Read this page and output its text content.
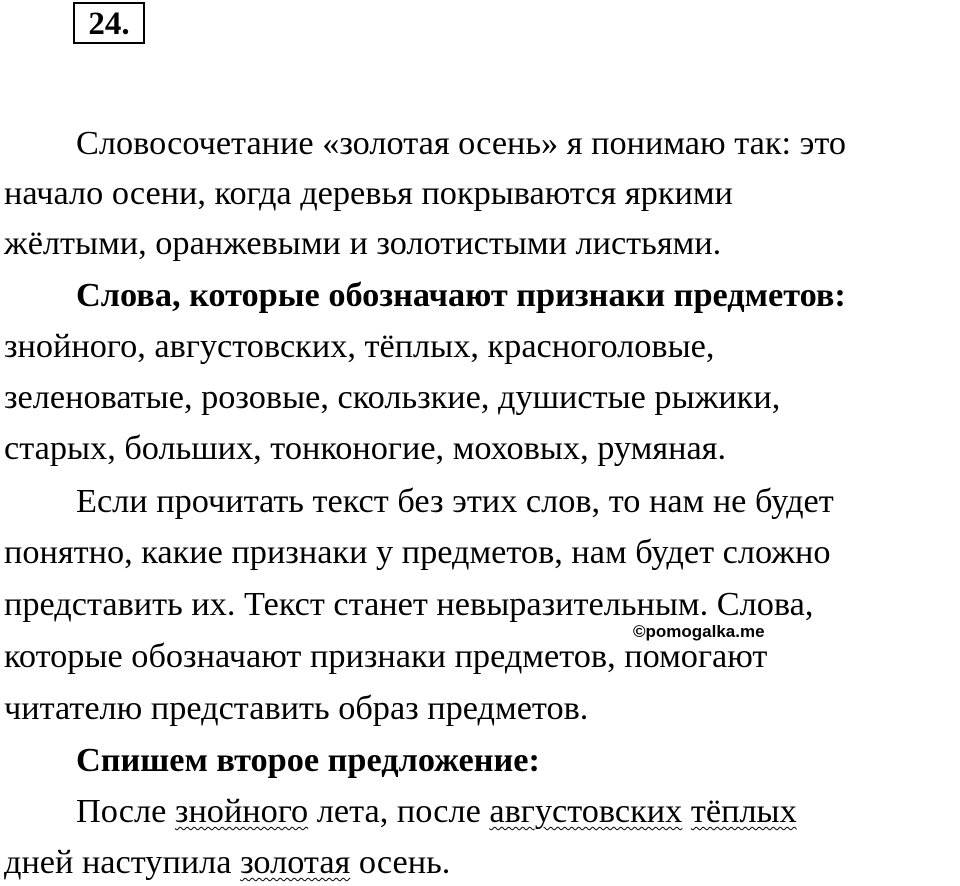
24.
Словосочетание «золотая осень» я понимаю так: это
начало осени, когда деревья покрываются яркими
жёлтыми, оранжевыми и золотистыми листьями.
Слова, которые обозначают признаки предметов:
знойного, августовских, тёплых, красноголовые,
зеленоватые, розовые, скользкие, душистые рыжики,
старых, больших, тонконогие, моховых, румяная.
Если прочитать текст без этих слов, то нам не будет
понятно, какие признаки у предметов, нам будет сложно
представить их. Текст станет невыразительным. Слова,
которые обозначают признаки предметов, помогают
читателю представить образ предметов.
©pomogalka.me
Спишем второе предложение:
После знойного лета, после августовских тёплых
дней наступила золотая осень.
